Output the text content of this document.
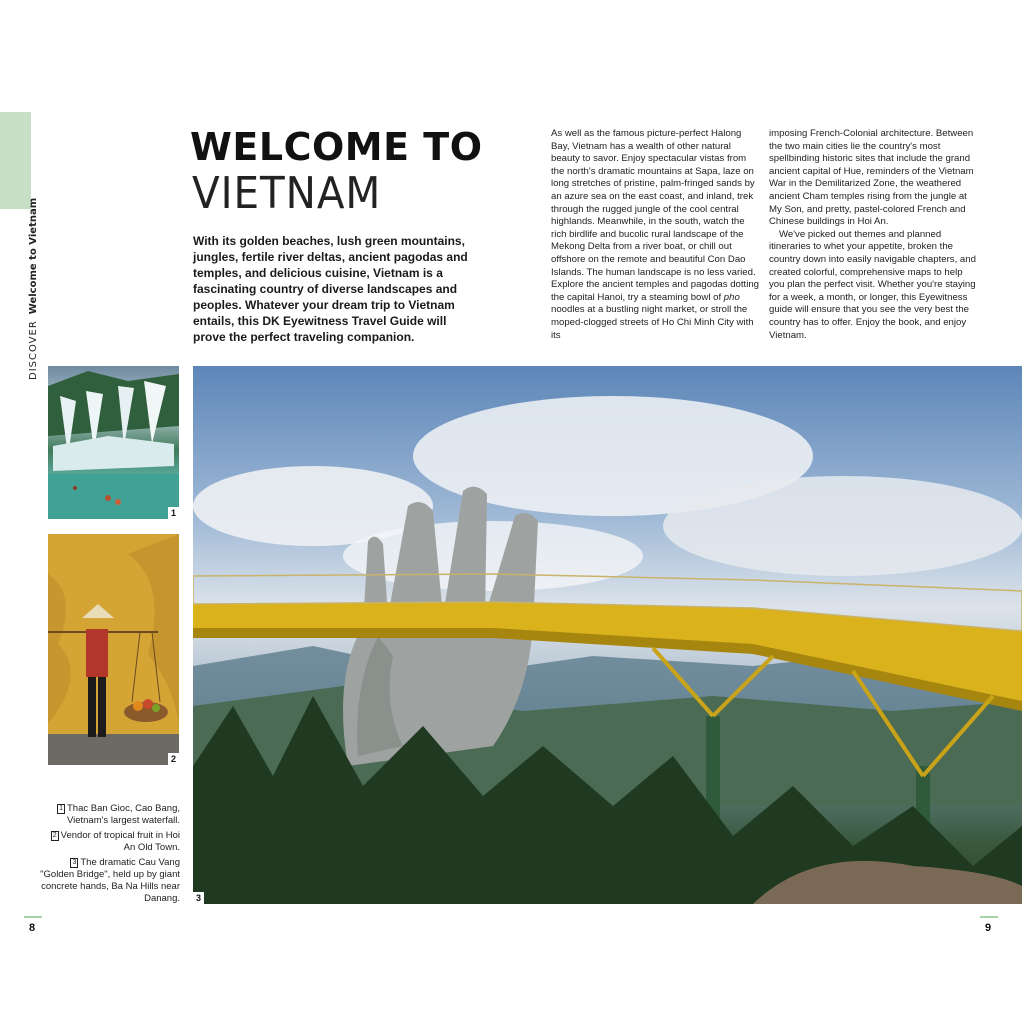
DISCOVERWelcome to Vietnam
WELCOME TO
VIETNAM

With its golden beaches, lush green mountains, jungles, fertile river deltas, ancient pagodas and temples, and delicious cuisine, Vietnam is a fascinating country of diverse landscapes and peoples. Whatever your dream trip to Vietnam entails, this DK Eyewitness Travel Guide will prove the perfect traveling companion.

As well as the famous picture-perfect Halong Bay, Vietnam has a wealth of other natural beauty to savor. Enjoy spectacular vistas from the north's dramatic mountains at Sapa, laze on long stretches of pristine, palm-fringed sands by an azure sea on the east coast, and inland, trek through the rugged jungle of the cool central highlands. Meanwhile, in the south, watch the rich birdlife and bucolic rural landscape of the Mekong Delta from a river boat, or chill out offshore on the remote and beautiful Con Dao Islands. The human landscape is no less varied. Explore the ancient temples and pagodas dotting the capital Hanoi, try a steaming bowl of pho noodles at a bustling night market, or stroll the moped-clogged streets of Ho Chi Minh City with its

imposing French-Colonial architecture. Between the two main cities lie the country's most spellbinding historic sites that include the grand ancient capital of Hue, reminders of the Vietnam War in the Demilitarized Zone, the weathered ancient Cham temples rising from the jungle at My Son, and pretty, pastel-colored French and Chinese buildings in Hoi An.

We've picked out themes and planned itineraries to whet your appetite, broken the country down into easily navigable chapters, and created colorful, comprehensive maps to help you plan the perfect visit. Whether you're staying for a week, a month, or longer, this Eyewitness guide will ensure that you see the very best the country has to offer. Enjoy the book, and enjoy Vietnam.

1
2
3

1 Thac Ban Gioc, Cao Bang, Vietnam's largest waterfall.

2 Vendor of tropical fruit in Hoi An Old Town.

3 The dramatic Cau Vang "Golden Bridge", held up by giant concrete hands, Ba Na Hills near Danang.

8	9
